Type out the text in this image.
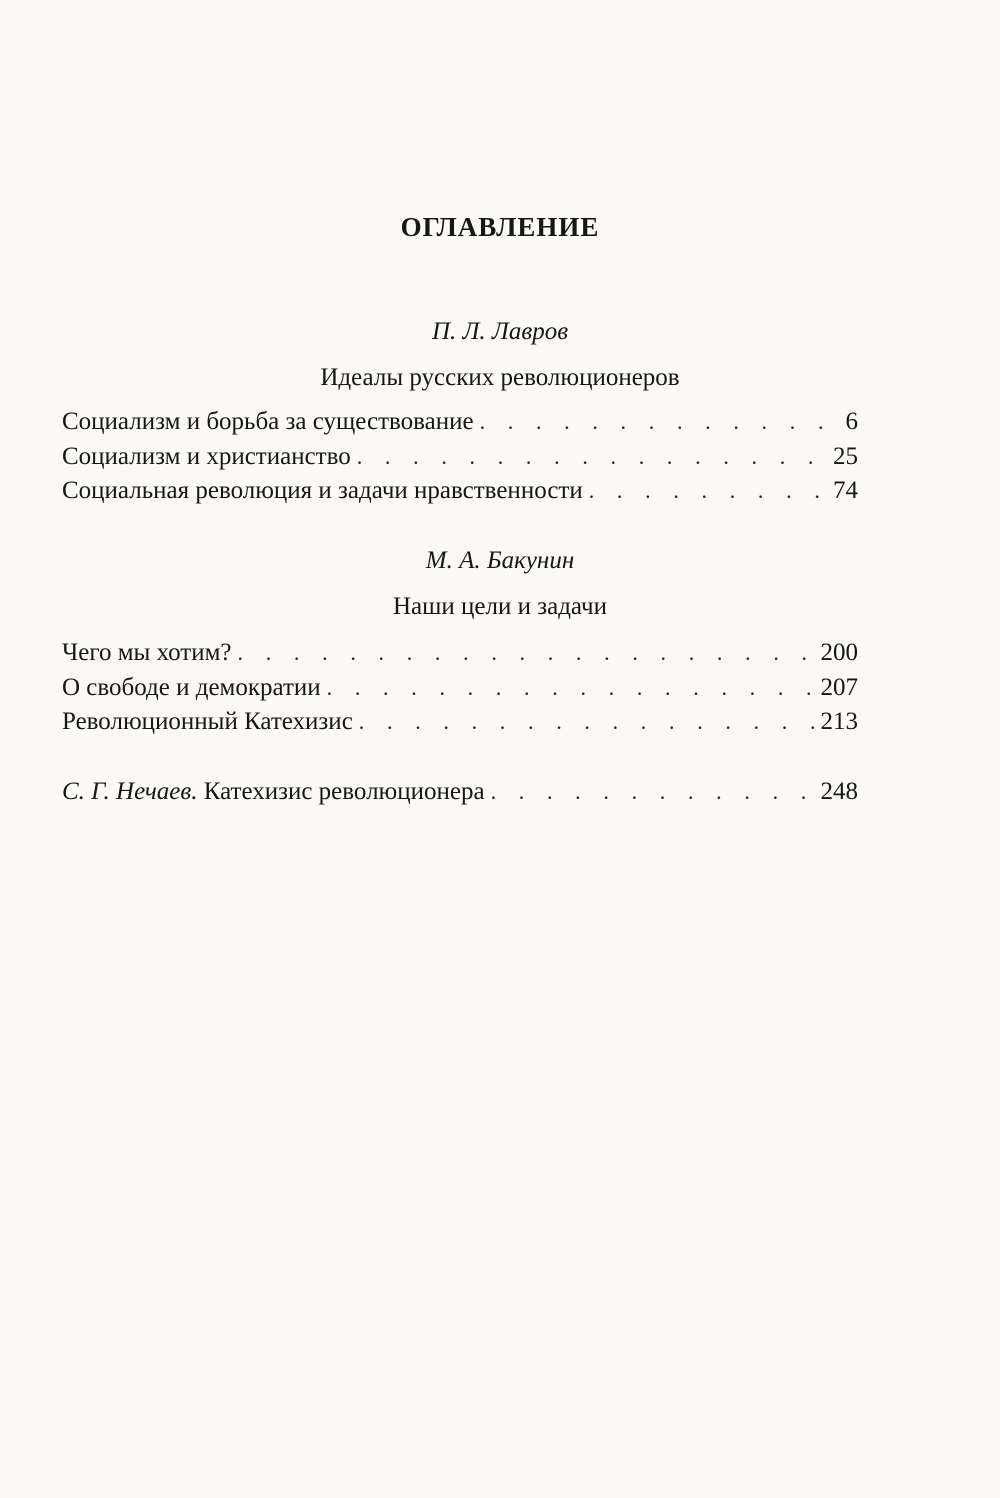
ОГЛАВЛЕНИЕ
П. Л. Лавров
Идеалы русских революционеров
Социализм и борьба за существование . . .	6
Социализм и христианство . . .	25
Социальная революция и задачи нравственности . . .	74
М. А. Бакунин
Наши цели и задачи
Чего мы хотим? . . .	200
О свободе и демократии . . .	207
Революционный Катехизис . . .	213
С. Г. Нечаев. Катехизис революционера . . .	248
